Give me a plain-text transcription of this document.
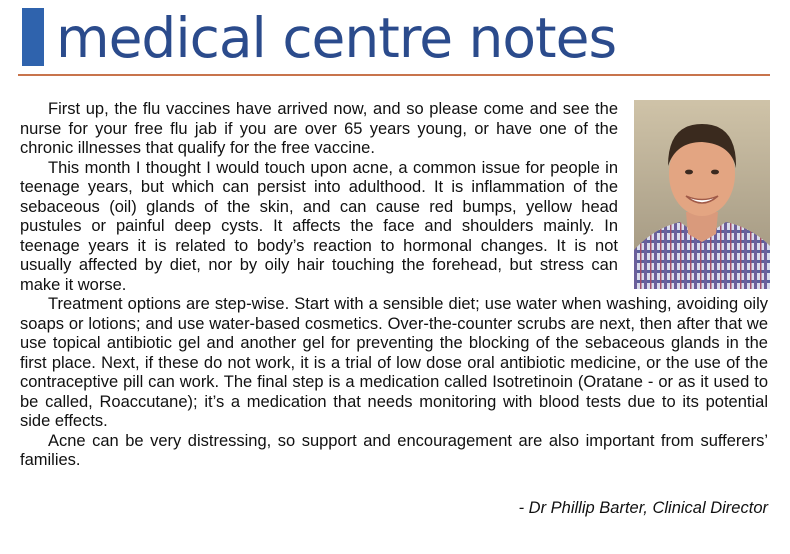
medical centre notes

First up, the flu vaccines have arrived now, and so please come and see the nurse for your free flu jab if you are over 65 years young, or have one of the chronic illnesses that qualify for the free vaccine.

This month I thought I would touch upon acne, a common issue for people in teenage years, but which can persist into adulthood. It is inflammation of the sebaceous (oil) glands of the skin, and can cause red bumps, yellow head pustules or painful deep cysts. It affects the face and shoulders mainly. In teenage years it is related to body’s reaction to hormonal changes. It is not usually affected by diet, nor by oily hair touching the forehead, but stress can make it worse.

Treatment options are step-wise. Start with a sensible diet; use water when washing, avoiding oily soaps or lotions; and use water-based cosmetics. Over-the-counter scrubs are next, then after that we use topical antibiotic gel and another gel for preventing the blocking of the sebaceous glands in the first place. Next, if these do not work, it is a trial of low dose oral antibiotic medicine, or the use of the contraceptive pill can work. The final step is a medication called Isotretinoin (Oratane - or as it used to be called, Roaccutane); it’s a medication that needs monitoring with blood tests due to its potential side effects.

Acne can be very distressing, so support and encouragement are also important from sufferers’ families.

- Dr Phillip Barter, Clinical Director
